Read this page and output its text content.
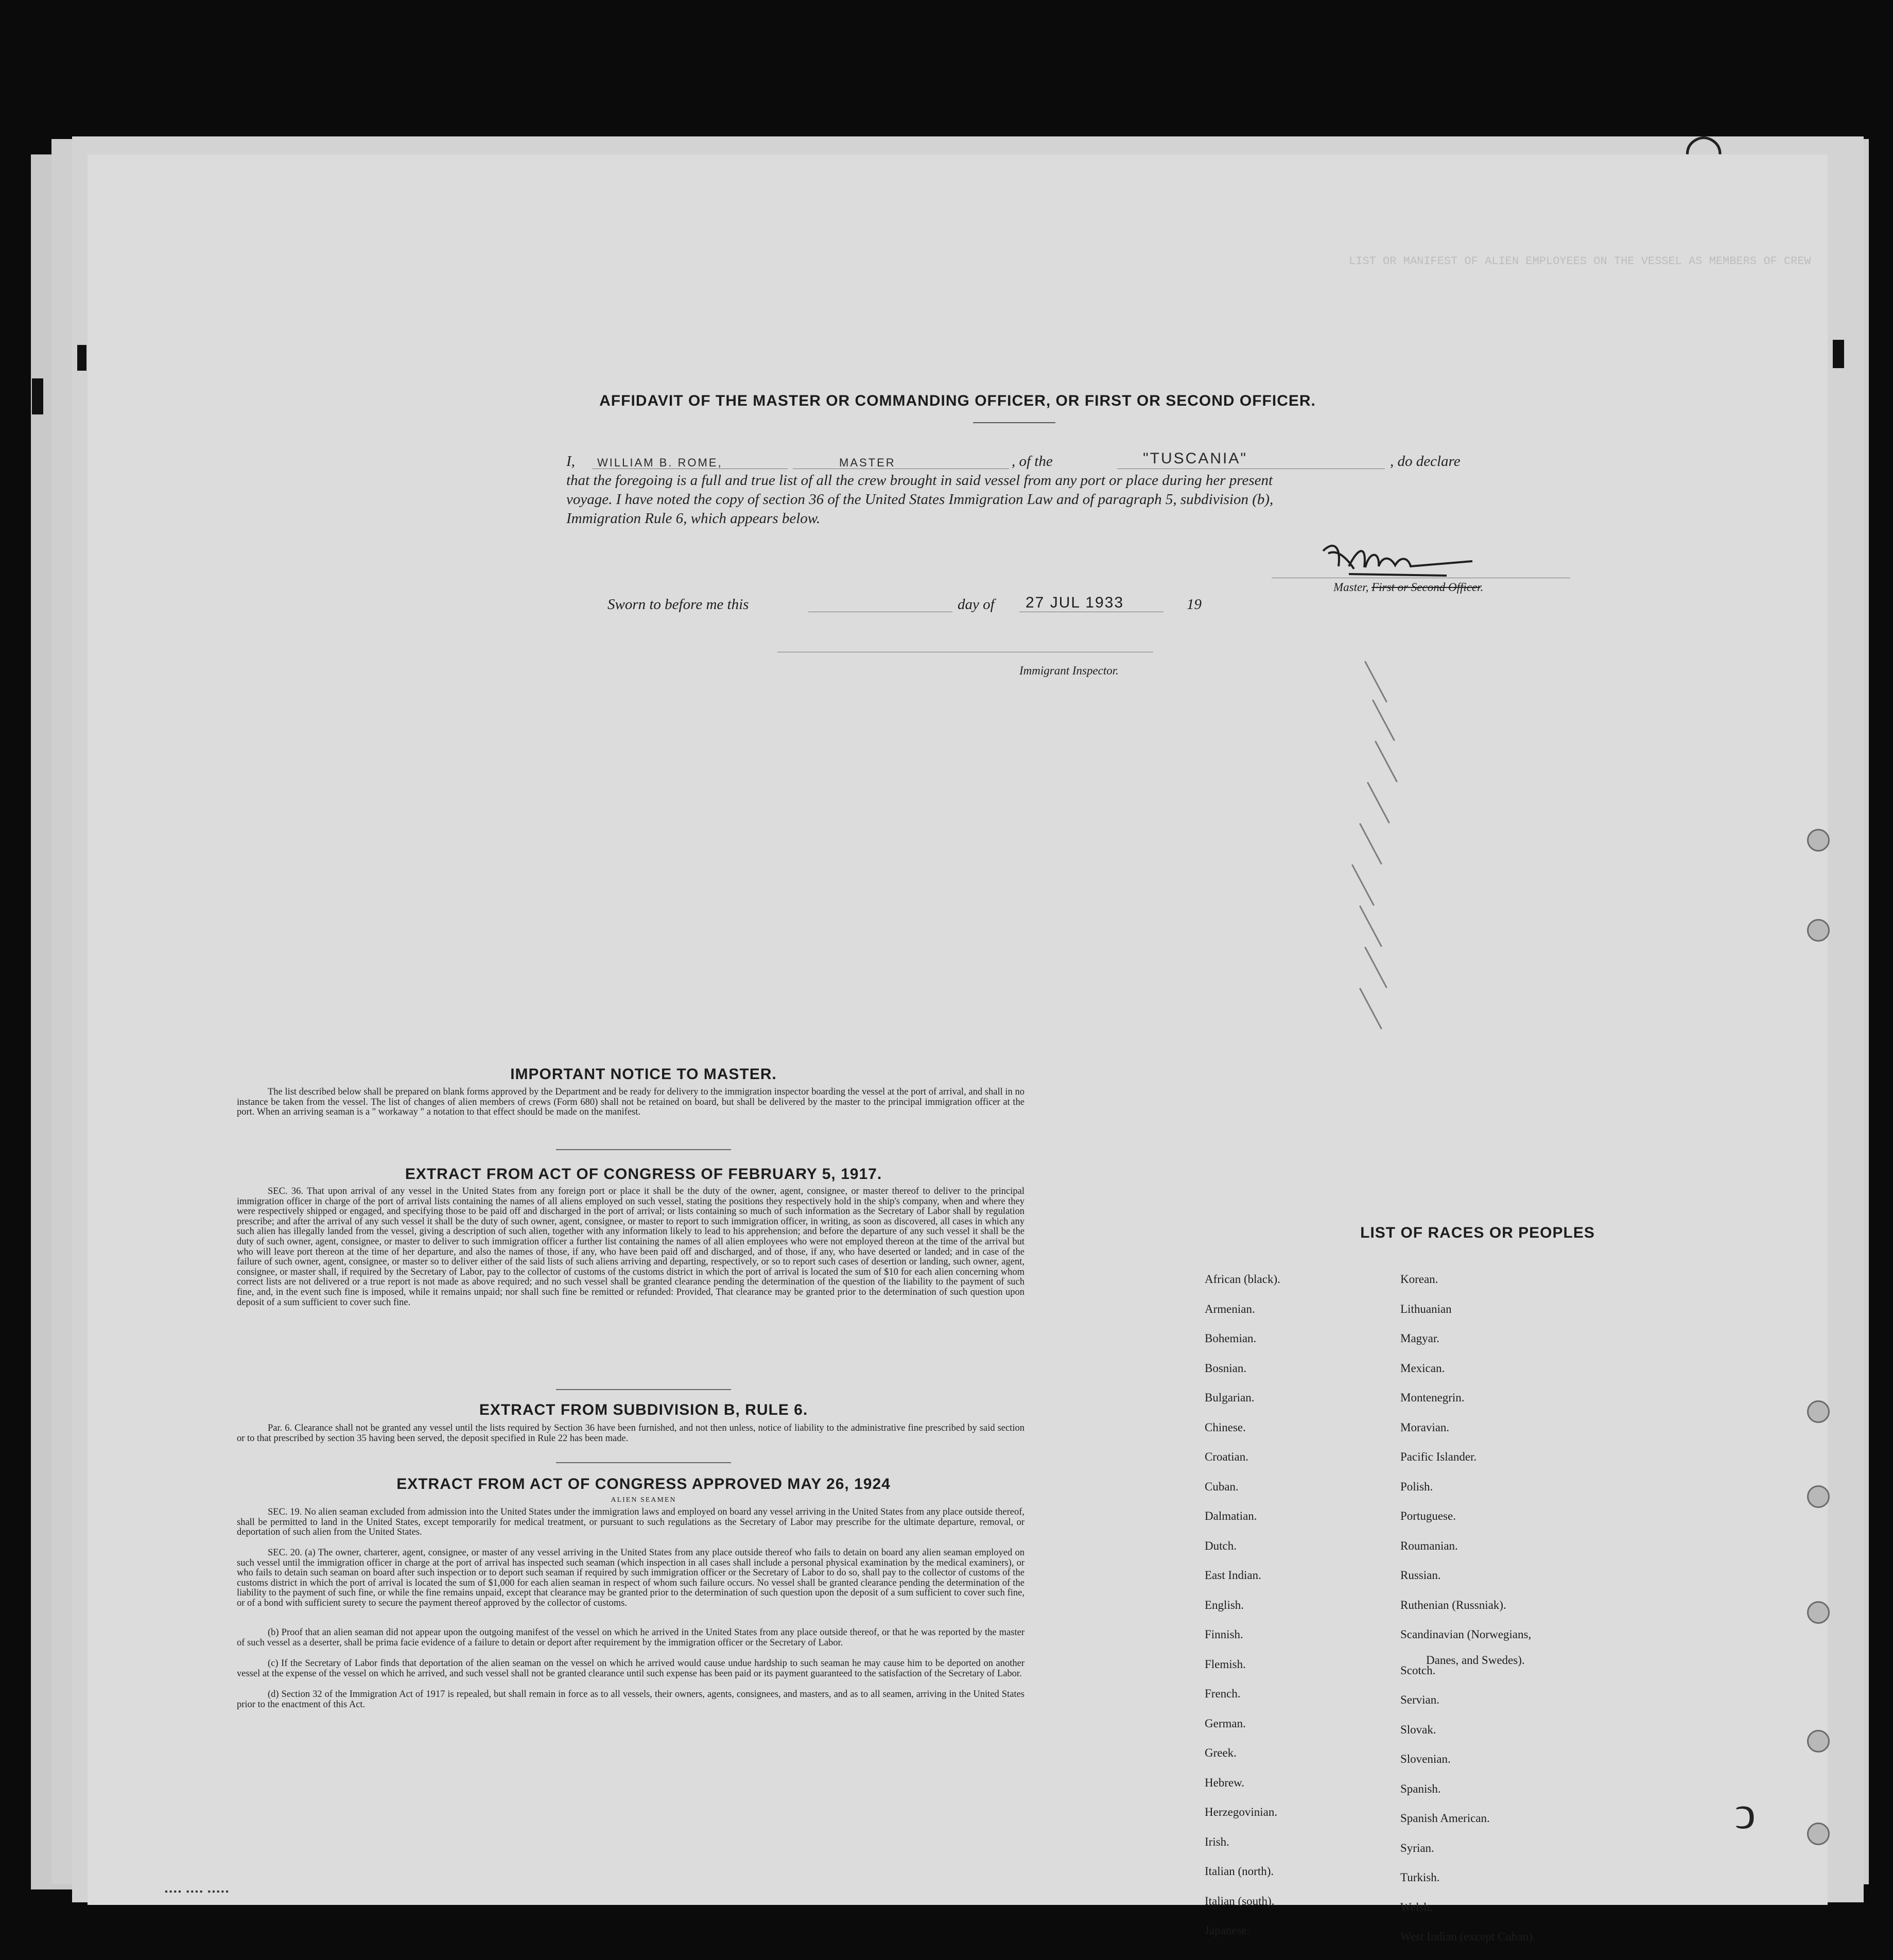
LIST OR MANIFEST OF ALIEN EMPLOYEES ON THE VESSEL AS MEMBERS OF CREW
AFFIDAVIT OF THE MASTER OR COMMANDING OFFICER, OR FIRST OR SECOND OFFICER.
I, WILLIAM B. ROME,	MASTER	, of the	"TUSCANIA"	, do declare
that the foregoing is a full and true list of all the crew brought in said vessel from any port or place during her present
voyage. I have noted the copy of section 36 of the United States Immigration Law and of paragraph 5, subdivision (b),
Immigration Rule 6, which appears below.
Master, First or Second Officer.
Sworn to before me this	day of 27 JUL 1933	19
Immigrant Inspector.
IMPORTANT NOTICE TO MASTER.
The list described below shall be prepared on blank forms approved by the Department and be ready for delivery to the immigration inspector boarding the vessel at the port of arrival, and shall in no instance be taken from the vessel. The list of changes of alien members of crews (Form 680) shall not be retained on board, but shall be delivered by the master to the principal immigration officer at the port. When an arriving seaman is a " workaway " a notation to that effect should be made on the manifest.
EXTRACT FROM ACT OF CONGRESS OF FEBRUARY 5, 1917.
SEC. 36. That upon arrival of any vessel in the United States from any foreign port or place it shall be the duty of the owner, agent, consignee, or master thereof to deliver to the principal immigration officer in charge of the port of arrival lists containing the names of all aliens employed on such vessel, stating the positions they respectively hold in the ship's company, when and where they were respectively shipped or engaged, and specifying those to be paid off and discharged in the port of arrival; or lists containing so much of such information as the Secretary of Labor shall by regulation prescribe; and after the arrival of any such vessel it shall be the duty of such owner, agent, consignee, or master to report to such immigration officer, in writing, as soon as discovered, all cases in which any such alien has illegally landed from the vessel, giving a description of such alien, together with any information likely to lead to his apprehension; and before the departure of any such vessel it shall be the duty of such owner, agent, consignee, or master to deliver to such immigration officer a further list containing the names of all alien employees who were not employed thereon at the time of the arrival but who will leave port thereon at the time of her departure, and also the names of those, if any, who have been paid off and discharged, and of those, if any, who have deserted or landed; and in case of the failure of such owner, agent, consignee, or master so to deliver either of the said lists of such aliens arriving and departing, respectively, or so to report such cases of desertion or landing, such owner, agent, consignee, or master shall, if required by the Secretary of Labor, pay to the collector of customs of the customs district in which the port of arrival is located the sum of $10 for each alien concerning whom correct lists are not delivered or a true report is not made as above required; and no such vessel shall be granted clearance pending the determination of the question of the liability to the payment of such fine, and, in the event such fine is imposed, while it remains unpaid; nor shall such fine be remitted or refunded: Provided, That clearance may be granted prior to the determination of such question upon deposit of a sum sufficient to cover such fine.
EXTRACT FROM SUBDIVISION B, RULE 6.
Par. 6. Clearance shall not be granted any vessel until the lists required by Section 36 have been furnished, and not then unless, notice of liability to the administrative fine prescribed by said section or to that prescribed by section 35 having been served, the deposit specified in Rule 22 has been made.
EXTRACT FROM ACT OF CONGRESS APPROVED MAY 26, 1924
ALIEN SEAMEN
SEC. 19. No alien seaman excluded from admission into the United States under the immigration laws and employed on board any vessel arriving in the United States from any place outside thereof, shall be permitted to land in the United States, except temporarily for medical treatment, or pursuant to such regulations as the Secretary of Labor may prescribe for the ultimate departure, removal, or deportation of such alien from the United States.
SEC. 20. (a) The owner, charterer, agent, consignee, or master of any vessel arriving in the United States from any place outside thereof who fails to detain on board any alien seaman employed on such vessel until the immigration officer in charge at the port of arrival has inspected such seaman (which inspection in all cases shall include a personal physical examination by the medical examiners), or who fails to detain such seaman on board after such inspection or to deport such seaman if required by such immigration officer or the Secretary of Labor to do so, shall pay to the collector of customs of the customs district in which the port of arrival is located the sum of $1,000 for each alien seaman in respect of whom such failure occurs. No vessel shall be granted clearance pending the determination of the liability to the payment of such fine, or while the fine remains unpaid, except that clearance may be granted prior to the determination of such question upon the deposit of a sum sufficient to cover such fine, or of a bond with sufficient surety to secure the payment thereof approved by the collector of customs.
(b) Proof that an alien seaman did not appear upon the outgoing manifest of the vessel on which he arrived in the United States from any place outside thereof, or that he was reported by the master of such vessel as a deserter, shall be prima facie evidence of a failure to detain or deport after requirement by the immigration officer or the Secretary of Labor.
(c) If the Secretary of Labor finds that deportation of the alien seaman on the vessel on which he arrived would cause undue hardship to such seaman he may cause him to be deported on another vessel at the expense of the vessel on which he arrived, and such vessel shall not be granted clearance until such expense has been paid or its payment guaranteed to the satisfaction of the Secretary of Labor.
(d) Section 32 of the Immigration Act of 1917 is repealed, but shall remain in force as to all vessels, their owners, agents, consignees, and masters, and as to all seamen, arriving in the United States prior to the enactment of this Act.
LIST OF RACES OR PEOPLES
African (black).
Armenian.
Bohemian.
Bosnian.
Bulgarian.
Chinese.
Croatian.
Cuban.
Dalmatian.
Dutch.
East Indian.
English.
Finnish.
Flemish.
French.
German.
Greek.
Hebrew.
Herzegovinian.
Irish.
Italian (north).
Italian (south).
Japanese.
Korean.
Lithuanian
Magyar.
Mexican.
Montenegrin.
Moravian.
Pacific Islander.
Polish.
Portuguese.
Roumanian.
Russian.
Ruthenian (Russniak).
Scandinavian (Norwegians,
Scotch.
Servian.
Slovak.
Slovenian.
Spanish.
Spanish American.
Syrian.
Turkish.
Welsh.
West Indian (except Cuban).
Danes, and Swedes).
◠
ↄ
▪▪▪▪ ▪▪▪▪ ▪▪▪▪▪
